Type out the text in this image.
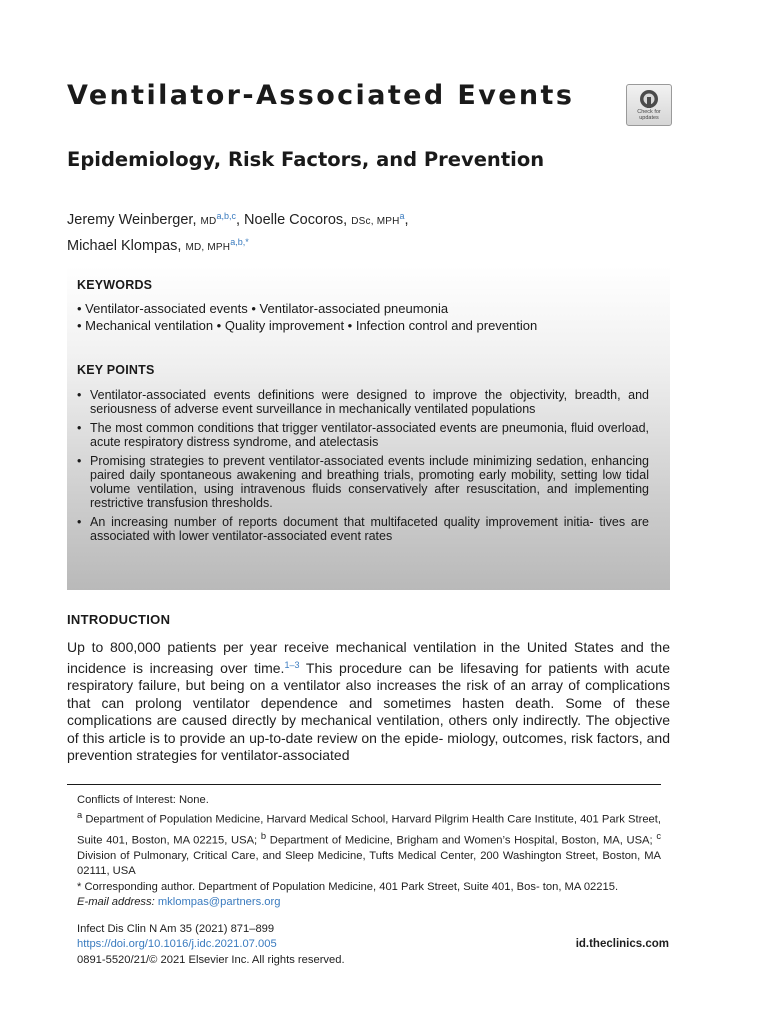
Ventilator-Associated Events
Check for updates
Epidemiology, Risk Factors, and Prevention
Jeremy Weinberger, MD$^{a,b,c}$, Noelle Cocoros, DSc, MPH$^a$,
Michael Klompas, MD, MPH$^{a,b,*}$
KEYWORDS
• Ventilator-associated events • Ventilator-associated pneumonia
• Mechanical ventilation • Quality improvement • Infection control and prevention
KEY POINTS
• Ventilator-associated events definitions were designed to improve the objectivity, breadth, and seriousness of adverse event surveillance in mechanically ventilated populations
• The most common conditions that trigger ventilator-associated events are pneumonia, fluid overload, acute respiratory distress syndrome, and atelectasis
• Promising strategies to prevent ventilator-associated events include minimizing sedation, enhancing paired daily spontaneous awakening and breathing trials, promoting early mobility, setting low tidal volume ventilation, using intravenous fluids conservatively after resuscitation, and implementing restrictive transfusion thresholds.
• An increasing number of reports document that multifaceted quality improvement initia- tives are associated with lower ventilator-associated event rates
INTRODUCTION

Up to 800,000 patients per year receive mechanical ventilation in the United States and the incidence is increasing over time.$^{1-3}$ This procedure can be lifesaving for patients with acute respiratory failure, but being on a ventilator also increases the risk of an array of complications that can prolong ventilator dependence and sometimes hasten death. Some of these complications are caused directly by mechanical ventilation, others only indirectly. The objective of this article is to provide an up-to-date review on the epide- miology, outcomes, risk factors, and prevention strategies for ventilator-associated

Conflicts of Interest: None.

$^a$ Department of Population Medicine, Harvard Medical School, Harvard Pilgrim Health Care Institute, 401 Park Street, Suite 401, Boston, MA 02215, USA; $^b$ Department of Medicine, Brigham and Women’s Hospital, Boston, MA, USA; $^c$ Division of Pulmonary, Critical Care, and Sleep Medicine, Tufts Medical Center, 200 Washington Street, Boston, MA 02111, USA

* Corresponding author. Department of Population Medicine, 401 Park Street, Suite 401, Bos- ton, MA 02215.

E-mail address: mklompas@partners.org

Infect Dis Clin N Am 35 (2021) 871–899
https://doi.org/10.1016/j.idc.2021.07.005
0891-5520/21/© 2021 Elsevier Inc. All rights reserved.
id.theclinics.com
